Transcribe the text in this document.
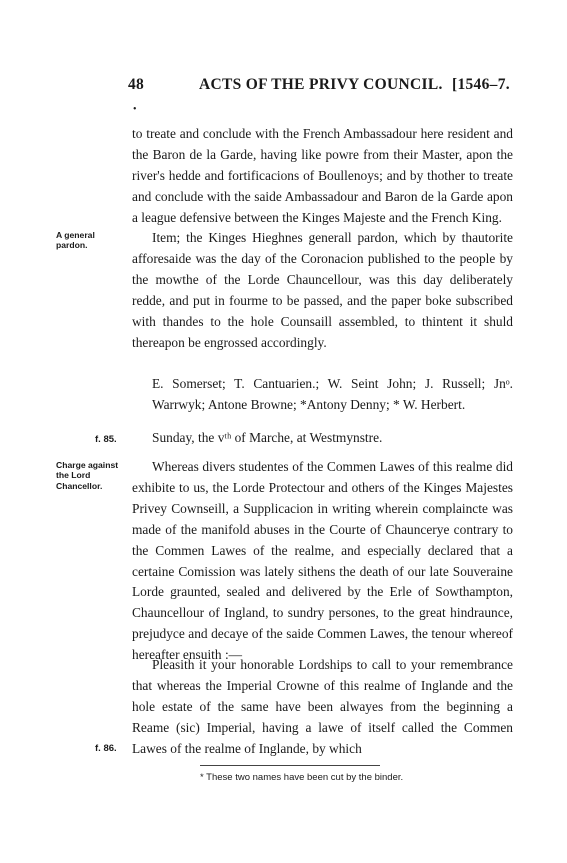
48	ACTS OF THE PRIVY COUNCIL. [1546–7.
•

to treate and conclude with the French Ambassadour here resident and the Baron de la Garde, having like powre from their Master, apon the river's hedde and fortificacions of Boullenoys; and by thother to treate and conclude with the saide Ambassadour and Baron de la Garde apon a league defensive between the Kinges Majeste and the French King.

A general pardon.

Item; the Kinges Hieghnes generall pardon, which by thautorite afforesaide was the day of the Coronacion published to the people by the mowthe of the Lorde Chauncellour, was this day deliberately redde, and put in fourme to be passed, and the paper boke subscribed with thandes to the hole Counsaill assembled, to thintent it shuld thereapon be engrossed accordingly.

E. Somerset; T. Cantuarien.; W. Seint John; J. Russell; Jnᵒ. Warrwyk; Antone Browne; *Antony Denny; * W. Herbert.

f. 85.	Sunday, the vᵗʰ of Marche, at Westmynstre.
Charge against the Lord Chancellor.

Whereas divers studentes of the Commen Lawes of this realme did exhibite to us, the Lorde Protectour and others of the Kinges Majestes Privey Cownseill, a Supplicacion in writing wherein complaincte was made of the manifold abuses in the Courte of Chauncerye contrary to the Commen Lawes of the realme, and especially declared that a certaine Comission was lately sithens the death of our late Souveraine Lorde graunted, sealed and delivered by the Erle of Sowthampton, Chauncellour of Ingland, to sundry persones, to the great hindraunce, prejudyce and decaye of the saide Commen Lawes, the tenour whereof hereafter ensuith :—

Pleasith it your honorable Lordships to call to your remembrance that whereas the Imperial Crowne of this realme of Inglande and the hole estate of the same have been alwayes from the beginning a Reame (sic) Imperial, having a lawe of itself called the Commen Lawes of the realme of Inglande, by which

f. 86.
* These two names have been cut by the binder.
